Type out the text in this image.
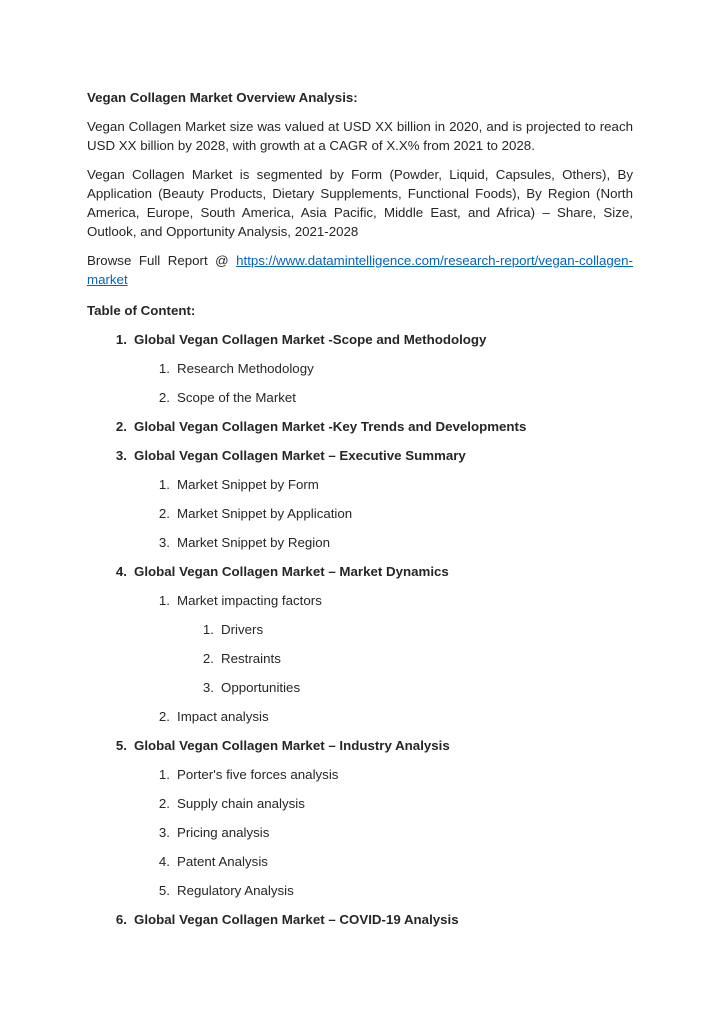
Vegan Collagen Market Overview Analysis:

Vegan Collagen Market size was valued at USD XX billion in 2020, and is projected to reach USD XX billion by 2028, with growth at a CAGR of X.X% from 2021 to 2028.

Vegan Collagen Market is segmented by Form (Powder, Liquid, Capsules, Others), By Application (Beauty Products, Dietary Supplements, Functional Foods), By Region (North America, Europe, South America, Asia Pacific, Middle East, and Africa) – Share, Size, Outlook, and Opportunity Analysis, 2021-2028

Browse Full Report @ https://www.datamintelligence.com/research-report/vegan-collagen-market

Table of Content:

1. Global Vegan Collagen Market -Scope and Methodology
1. Research Methodology
2. Scope of the Market
2. Global Vegan Collagen Market -Key Trends and Developments
3. Global Vegan Collagen Market – Executive Summary
1. Market Snippet by Form
2. Market Snippet by Application
3. Market Snippet by Region
4. Global Vegan Collagen Market – Market Dynamics
1. Market impacting factors
1. Drivers
2. Restraints
3. Opportunities
2. Impact analysis
5. Global Vegan Collagen Market – Industry Analysis
1. Porter's five forces analysis
2. Supply chain analysis
3. Pricing analysis
4. Patent Analysis
5. Regulatory Analysis
6. Global Vegan Collagen Market – COVID-19 Analysis
